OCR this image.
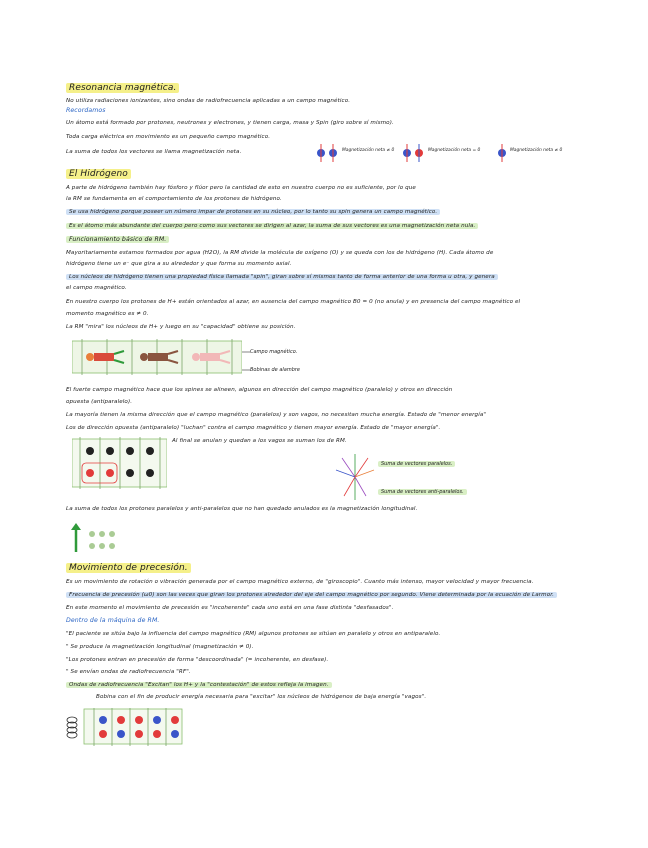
Resonancia magnética.
No utiliza radiaciones ionizantes, sino ondas de radiofrecuencia aplicadas a un campo magnético.
Recordamos
Un átomo está formado por protones, neutrones y electrones, y tienen carga, masa y Spin (giro sobre sí mismo).
Toda carga eléctrica en movimiento es un pequeño campo magnético.
La suma de todos los vectores se llama magnetización neta.	Magnetización neta ≠ 0	Magnetización neta = 0	Magnetización neta ≠ 0
El Hidrógeno
A parte de hidrógeno también hay fósforo y flúor pero la cantidad de esto en nuestro cuerpo no es suficiente, por lo que
la RM se fundamenta en el comportamiento de los protones de hidrógeno.
Se usa hidrógeno porque poseer un número impar de protones en su núcleo, por lo tanto su spin genera un campo magnético.
Es el átomo más abundante del cuerpo pero como sus vectores se dirigen al azar, la suma de sus vectores es una magnetización neta nula.
Funcionamiento básico de RM.
Mayoritariamente estamos formados por agua (H2O), la RM divide la molécula de oxígeno (O) y se queda con los de hidrógeno (H). Cada átomo de
hidrógeno tiene un e⁻ que gira a su alrededor y que forma su momento axial.
Los núcleos de hidrógeno tienen una propiedad física llamada "spin", giran sobre sí mismos tanto de forma anterior de una forma u otra, y genera
el campo magnético.
En nuestro cuerpo los protones de H+ están orientados al azar, en ausencia del campo magnético B0 = 0 (no anula) y en presencia del campo magnético el
momento magnético es ≠ 0.
La RM "mira" los núcleos de H+ y luego en su "capacidad" obtiene su posición.
Campo magnético.
Bobinas de alambre
El fuerte campo magnético hace que los spines se alineen, algunos en dirección del campo magnético (paralelo) y otros en dirección
opuesta (antiparalelo).
La mayoría tienen la misma dirección que el campo magnético (paralelos) y son vagos, no necesitan mucha energía. Estado de "menor energía"
Los de dirección opuesta (antiparalelo) "luchan" contra el campo magnético y tienen mayor energía. Estado de "mayor energía".
Al final se anulan y quedan a los vagos se suman los de RM.
Suma de vectores paralelos.
Suma de vectores anti-paralelos.
La suma de todos los protones paralelos y anti-paralelos que no han quedado anulados es la magnetización longitudinal.
Movimiento de precesión.
Es un movimiento de rotación o vibración generada por el campo magnético externo, de "giroscopio". Cuanto más intenso, mayor velocidad y mayor frecuencia.
Frecuencia de precesión (ω0) son las veces que giran los protones alrededor del eje del campo magnético por segundo. Viene determinada por la ecuación de Larmor.
En este momento el movimiento de precesión es "incoherente" cada uno está en una fase distinta "desfasados".
Dentro de la máquina de RM.
"El paciente se sitúa bajo la influencia del campo magnético (RM) algunos protones se sitúan en paralelo y otros en antiparalelo.
" Se produce la magnetización longitudinal (magnetización ≠ 0).
"Los protones entran en precesión de forma "descoordinada" (= incoherente, en desfase).
" Se envían ondas de radiofrecuencia "RF".
Ondas de radiofrecuencia "Excitan" los H+ y la "contestación" de estos refleja la imagen.
Bobina con el fin de producir energía necesaria para "excitar" los núcleos de hidrógenos de baja energía "vagos".
